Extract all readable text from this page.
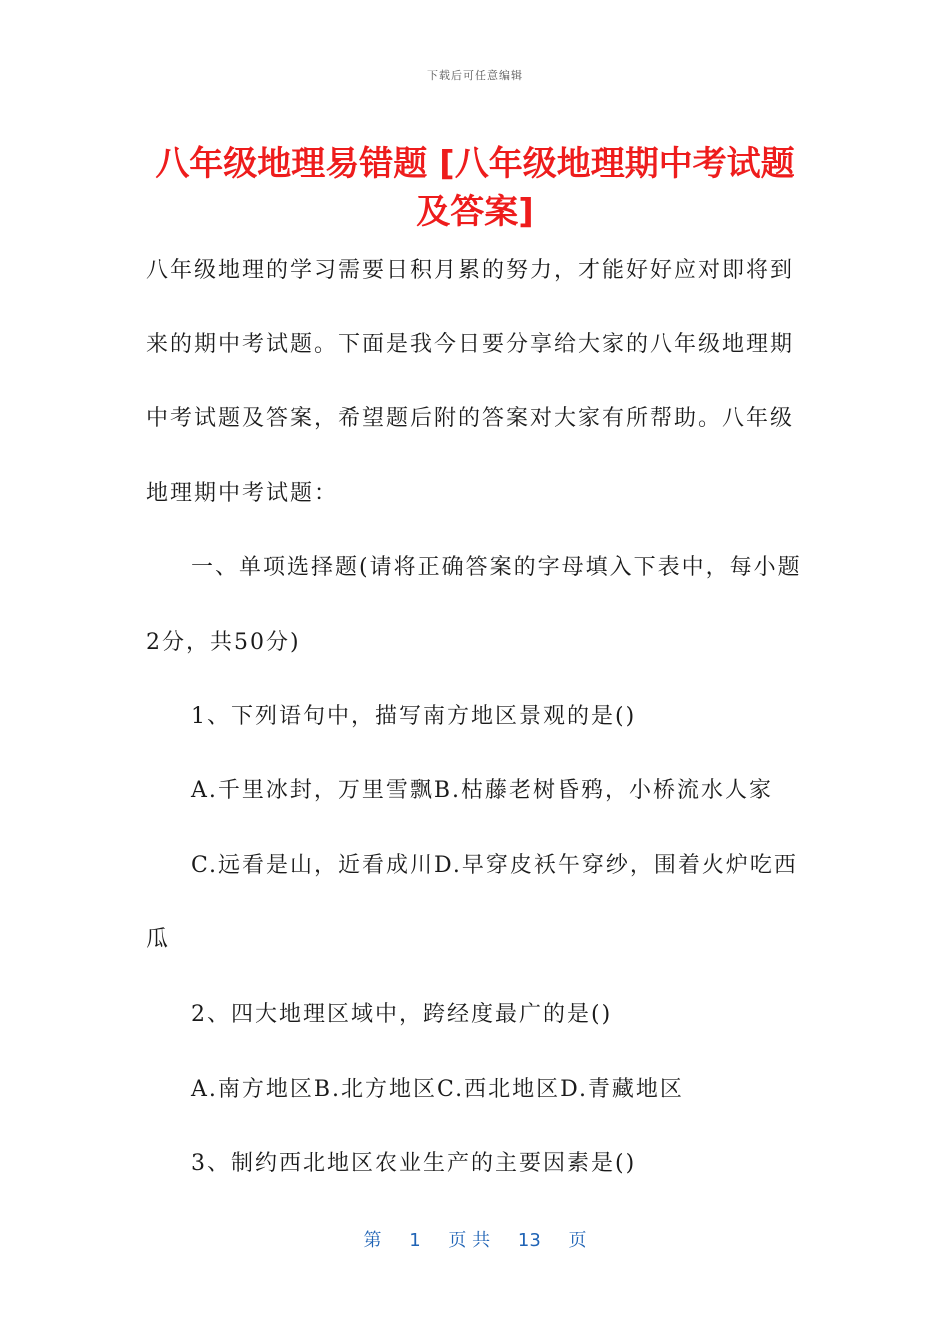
下载后可任意编辑
八年级地理易错题 [八年级地理期中考试题及答案]
八年级地理的学习需要日积月累的努力，才能好好应对即将到
来的期中考试题。下面是我今日要分享给大家的八年级地理期
中考试题及答案，希望题后附的答案对大家有所帮助。八年级
地理期中考试题：
一、单项选择题(请将正确答案的字母填入下表中，每小题
2分，共50分)
1、下列语句中，描写南方地区景观的是()
A.千里冰封，万里雪飘B.枯藤老树昏鸦，小桥流水人家
C.远看是山，近看成川D.早穿皮袄午穿纱，围着火炉吃西
瓜
2、四大地理区域中，跨经度最广的是()
A.南方地区B.北方地区C.西北地区D.青藏地区
3、制约西北地区农业生产的主要因素是()
第 1 页 共 13 页
